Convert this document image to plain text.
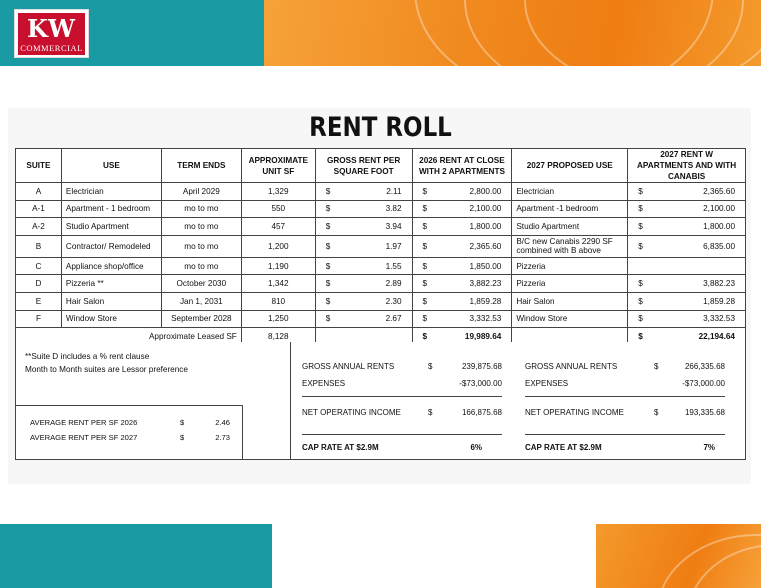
KW
COMMERCIAL
RENT ROLL
SUITE	USE	TERM ENDS	APPROXIMATE UNIT SF	GROSS RENT PER SQUARE FOOT	2026 RENT AT CLOSE WITH 2 APARTMENTS	2027 PROPOSED USE	2027 RENT W APARTMENTS AND WITH CANABIS
A	Electrician	April 2029	1,329	$ 2.11	$ 2,800.00	Electrician	$ 2,365.60

A-1	Apartment - 1 bedroom	mo to mo	550	$ 3.82	$ 2,100.00	Apartment -1 bedroom	$ 2,100.00

A-2	Studio Apartment	mo to mo	457	$ 3.94	$ 1,800.00	Studio Apartment	$ 1,800.00

B	Contractor/ Remodeled	mo to mo	1,200	$ 1.97	$ 2,365.60	B/C new Canabis 2290 SF combined with B above	$ 6,835.00

C	Appliance shop/office	mo to mo	1,190	$ 1.55	$ 1,850.00	Pizzeria	
D	Pizzeria **	October 2030	1,342	$ 2.89	$ 3,882.23	Pizzeria	$ 3,882.23

E	Hair Salon	Jan 1, 2031	810	$ 2.30	$ 1,859.28	Hair Salon	$ 1,859.28

F	Window Store	September 2028	1,250	$ 2.67	$ 3,332.53	Window Store	$ 3,332.53

Approximate Leased SF			8,128		$ 19,989.64		$ 22,194.64
**Suite D includes a % rent clause
Month to Month suites are Lessor preference
AVERAGE RENT PER SF 2026	$	2.46
AVERAGE RENT PER SF 2027	$	2.73
GROSS ANNUAL RENTS	$	239,875.68
EXPENSES	-$73,000.00
NET OPERATING INCOME	$	166,875.68
CAP RATE AT $2.9M	6%
GROSS ANNUAL RENTS	$	266,335.68
EXPENSES	-$73,000.00
NET OPERATING INCOME	$	193,335.68
CAP RATE AT $2.9M	7%
